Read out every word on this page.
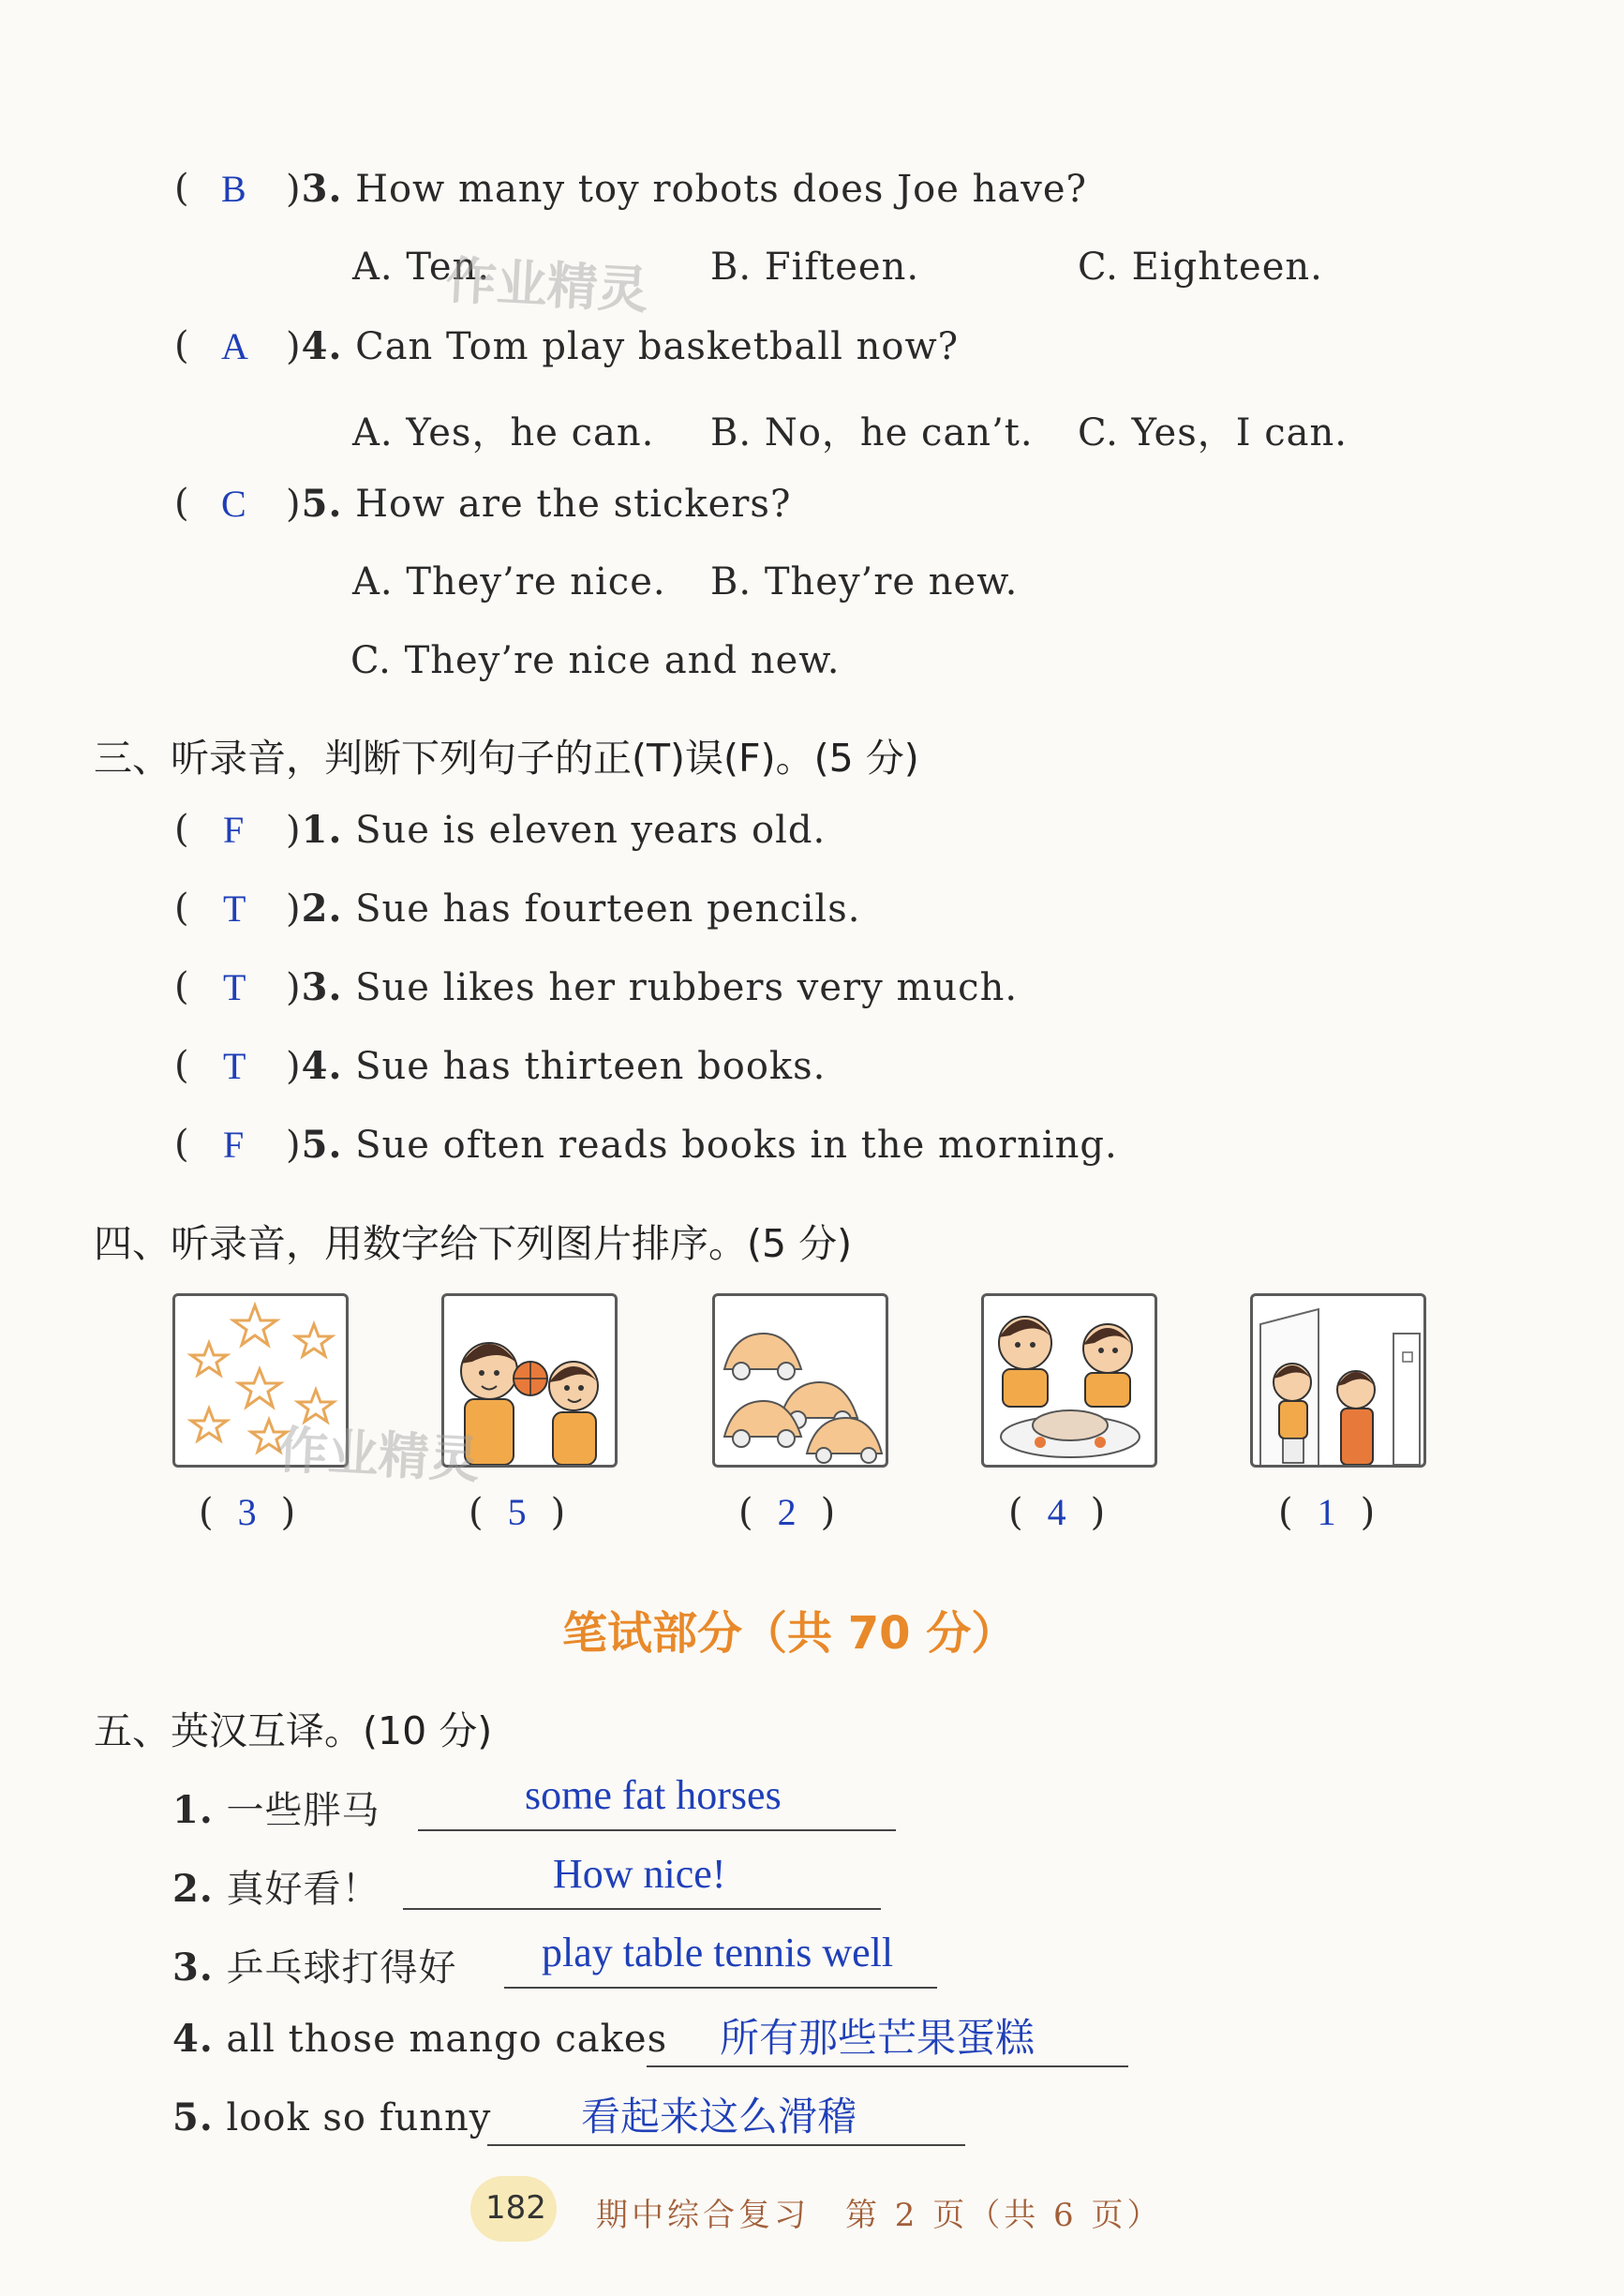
( B )3. How many toy robots does Joe have?
A. Ten.	B. Fifteen.	C. Eighteen.
( A )4. Can Tom play basketball now?
A. Yes，he can. B. No，he can’t. C. Yes，I can.
( C )5. How are the stickers?
A. They’re nice. B. They’re new.
C. They’re nice and new.
三、听录音，判断下列句子的正(T)误(F)。(5 分)
( F )1. Sue is eleven years old.
( T )2. Sue has fourteen pencils.
( T )3. Sue likes her rubbers very much.
( T )4. Sue has thirteen books.
( F )5. Sue often reads books in the morning.
四、听录音，用数字给下列图片排序。(5 分)
( 3 )	( 5 )	( 2 )	( 4 )	( 1 )
笔试部分（共 70 分）
五、英汉互译。(10 分)
1. 一些胖马	some fat horses
2. 真好看！	How nice!
3. 乒乓球打得好 play table tennis well
4. all those mango cakes 所有那些芒果蛋糕
5. look so funny 看起来这么滑稽
182 期中综合复习　第 2 页（共 6 页）
作业精灵
作业精灵
